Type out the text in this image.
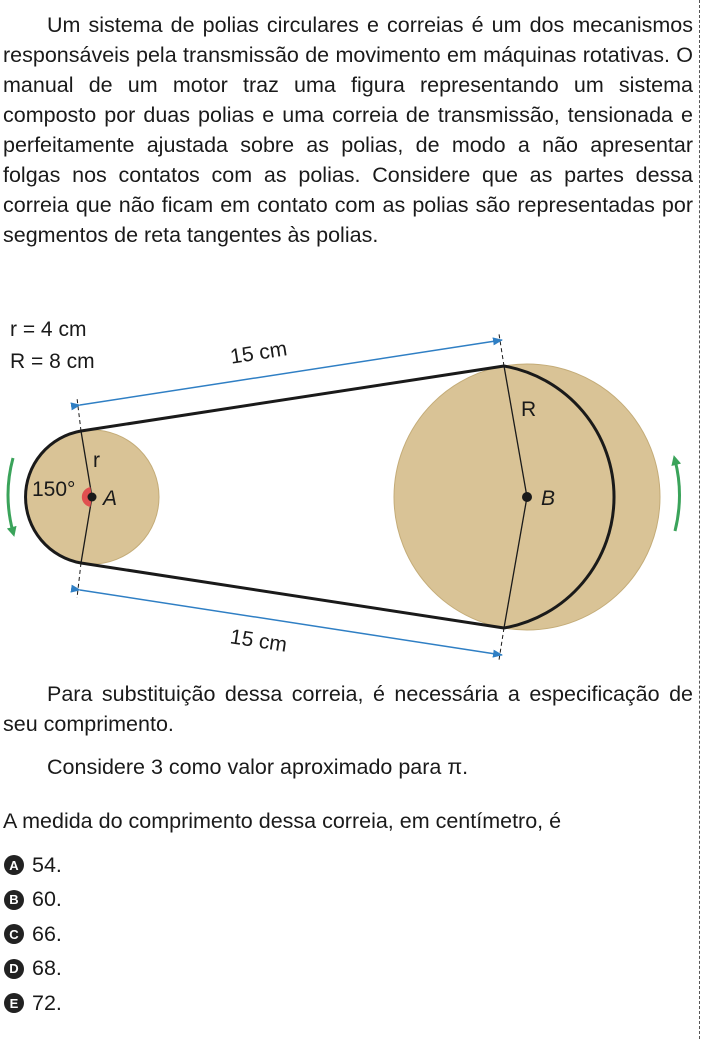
Um sistema de polias circulares e correias é um dos mecanismos responsáveis pela transmissão de movimento em máquinas rotativas. O manual de um motor traz uma figura representando um sistema composto por duas polias e uma correia de transmissão, tensionada e perfeitamente ajustada sobre as polias, de modo a não apresentar folgas nos contatos com as polias. Considere que as partes dessa correia que não ficam em contato com as polias são representadas por segmentos de reta tangentes às polias.

r = 4 cm
R = 8 cm	15 cm
15 cm
r
R
150° A	B

Para substituição dessa correia, é necessária a especificação de seu comprimento.

Considere 3 como valor aproximado para π.

A medida do comprimento dessa correia, em centímetro, é

A 54.
B 60.
C 66.
D 68.
E 72.
